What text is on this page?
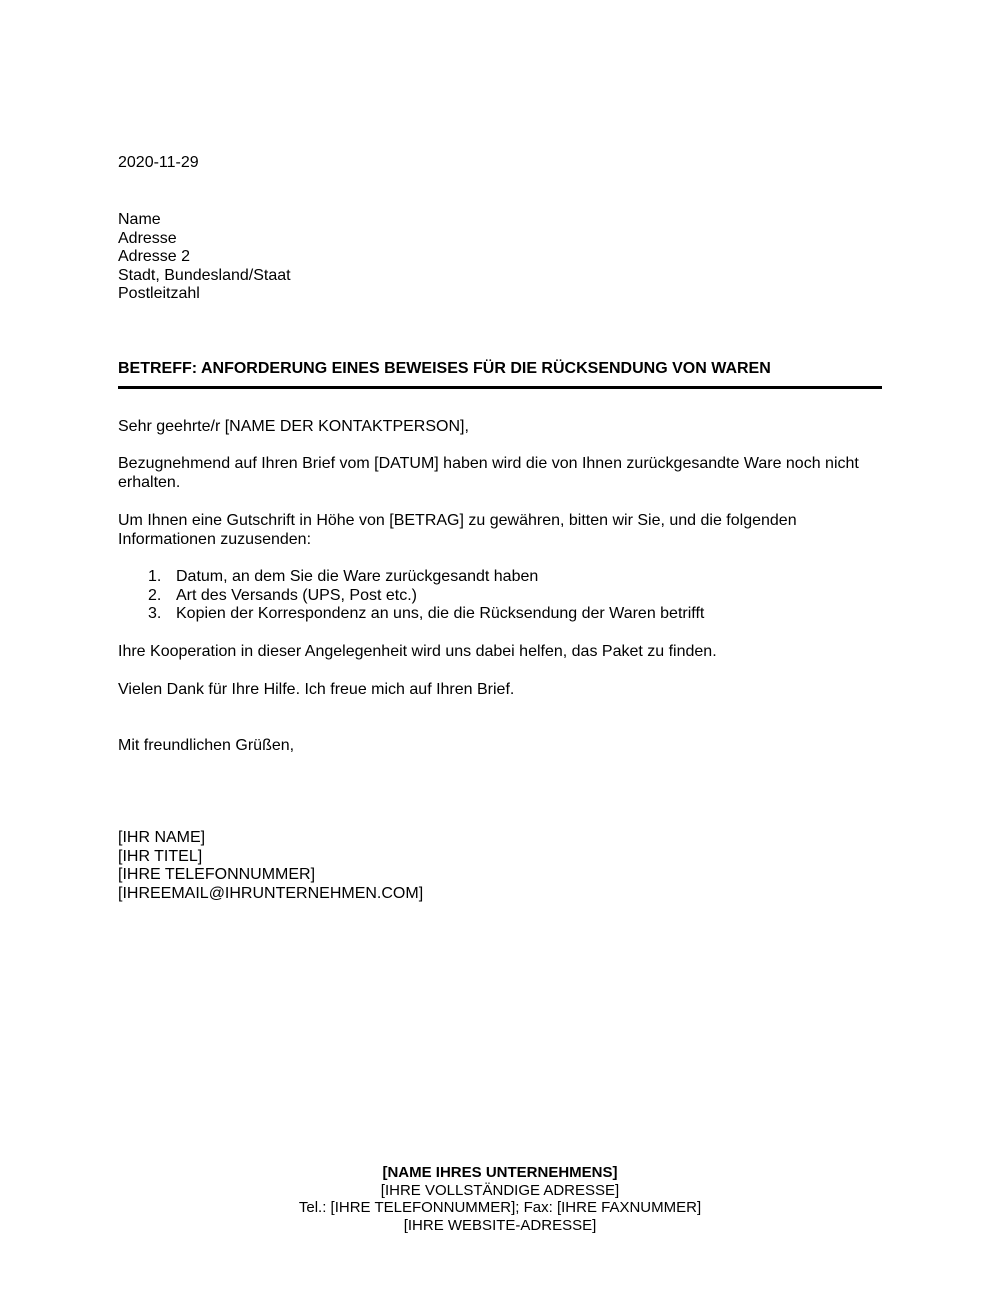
2020-11-29
Name
Adresse
Adresse 2
Stadt, Bundesland/Staat
Postleitzahl
BETREFF: ANFORDERUNG EINES BEWEISES FÜR DIE RÜCKSENDUNG VON WAREN
Sehr geehrte/r [NAME DER KONTAKTPERSON],
Bezugnehmend auf Ihren Brief vom [DATUM] haben wird die von Ihnen zurückgesandte Ware noch nicht erhalten.
Um Ihnen eine Gutschrift in Höhe von [BETRAG] zu gewähren, bitten wir Sie, und die folgenden Informationen zuzusenden:
1. Datum, an dem Sie die Ware zurückgesandt haben
2. Art des Versands (UPS, Post etc.)
3. Kopien der Korrespondenz an uns, die die Rücksendung der Waren betrifft
Ihre Kooperation in dieser Angelegenheit wird uns dabei helfen, das Paket zu finden.
Vielen Dank für Ihre Hilfe. Ich freue mich auf Ihren Brief.
Mit freundlichen Grüßen,
[IHR NAME]
[IHR TITEL]
[IHRE TELEFONNUMMER]
[IHREEMAIL@IHRUNTERNEHMEN.COM]
[NAME IHRES UNTERNEHMENS]
[IHRE VOLLSTÄNDIGE ADRESSE]
Tel.: [IHRE TELEFONNUMMER]; Fax: [IHRE FAXNUMMER]
[IHRE WEBSITE-ADRESSE]
